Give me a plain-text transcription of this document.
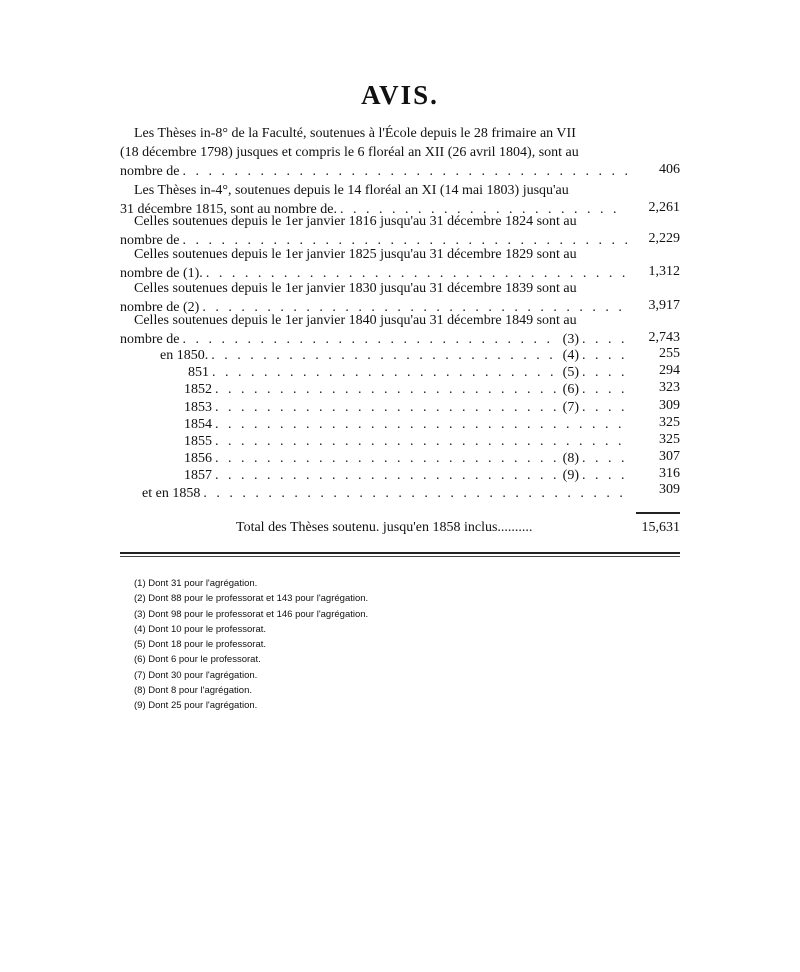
AVIS.
Les Thèses in-8° de la Faculté, soutenues à l'École depuis le 28 frimaire an VII
(18 décembre 1798) jusques et compris le 6 floréal an XII (26 avril 1804), sont au
nombre de . . .	406
Les Thèses in-4°, soutenues depuis le 14 floréal an XI (14 mai 1803) jusqu'au
31 décembre 1815, sont au nombre de. . . .	2,261
Celles soutenues depuis le 1er janvier 1816 jusqu'au 31 décembre 1824 sont au
nombre de . . .	2,229
Celles soutenues depuis le 1er janvier 1825 jusqu'au 31 décembre 1829 sont au
nombre de (1). . . .	1,312
Celles soutenues depuis le 1er janvier 1830 jusqu'au 31 décembre 1839 sont au
nombre de (2) . . .	3,917
Celles soutenues depuis le 1er janvier 1840 jusqu'au 31 décembre 1849 sont au
nombre de . . .	(3) . . .	2,743
en 1850. . . .	(4) . . .	255
851 . . .	(5) . . .	294
1852 . . .	(6) . . .	323
1853 . . .	(7) . . .	309
1854 . . .	325
1855 . . .	325
1856 . . .	(8) . . .	307
1857 . . .	(9) . . .	316
et en 1858 . . .	309
Total des Thèses soutenu. jusqu'en 1858 inclus..........	15,631
(1) Dont 31 pour l'agrégation.
(2) Dont 88 pour le professorat et 143 pour l'agrégation.
(3) Dont 98 pour le professorat et 146 pour l'agrégation.
(4) Dont 10 pour le professorat.
(5) Dont 18 pour le professorat.
(6) Dont 6 pour le professorat.
(7) Dont 30 pour l'agrégation.
(8) Dont 8 pour l'agrégation.
(9) Dont 25 pour l'agrégation.
